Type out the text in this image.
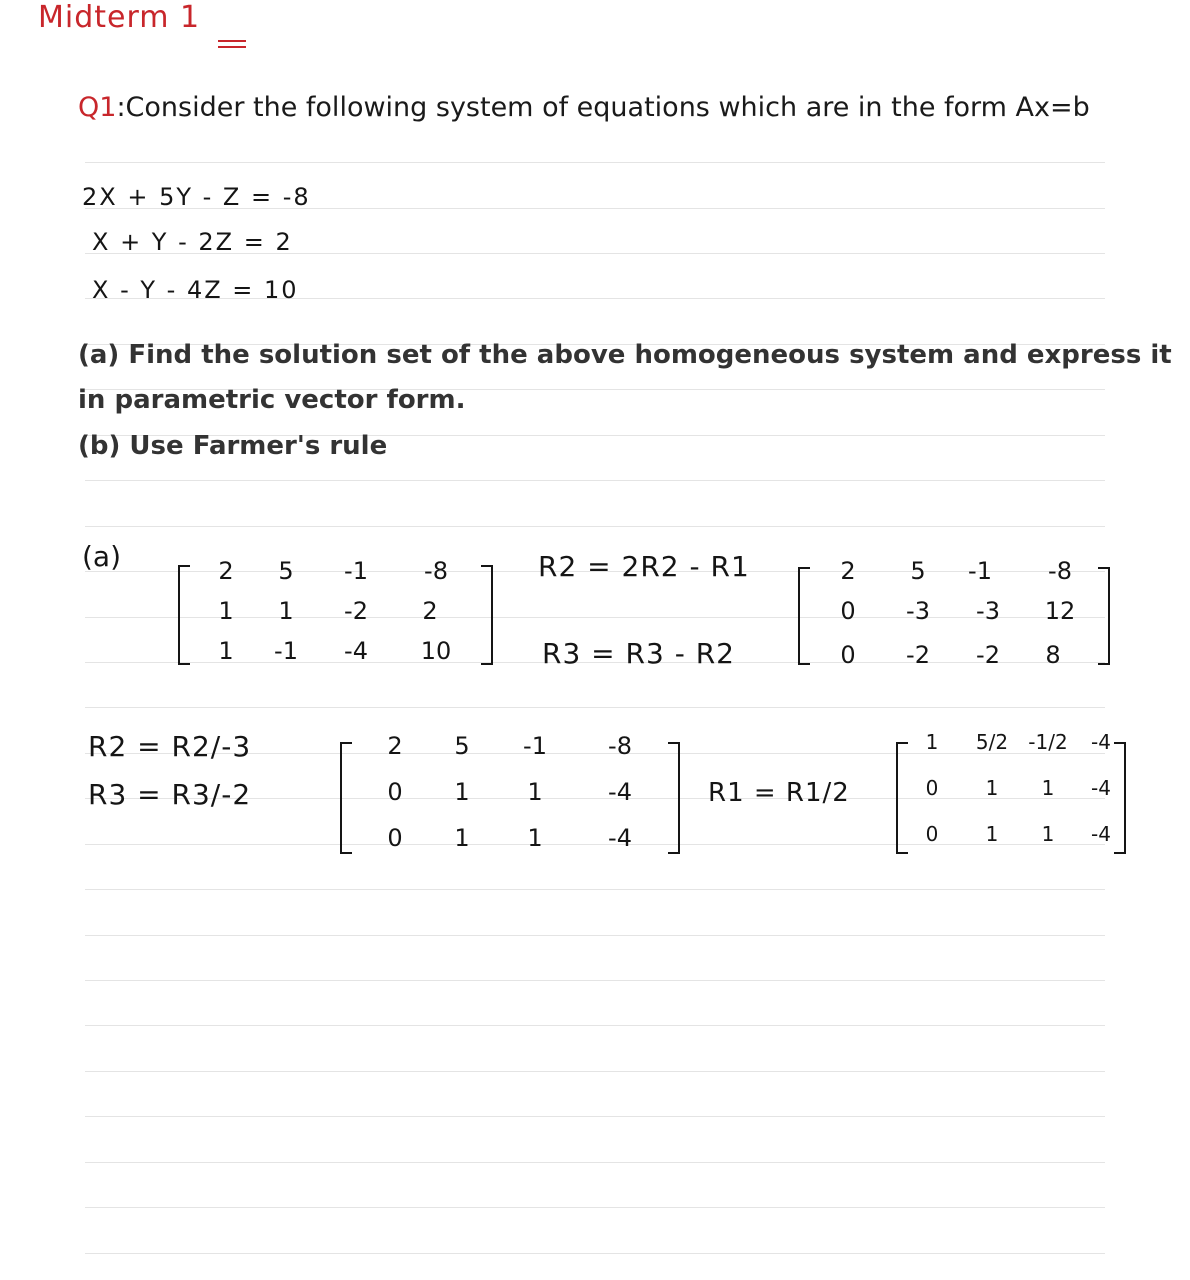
Midterm 1
Q1:Consider the following system of equations which are in the form Ax=b
2X + 5Y - Z = -8
X + Y - 2Z = 2
X - Y - 4Z = 10
(a) Find the solution set of the above homogeneous system and express it
in parametric vector form.
(b) Use Farmer's rule
(a)	2	5	-1	-8
1	1	-2	2
1	-1	-4	10
R2 = 2R2 - R1
R3 = R3 - R2
2	5	-1	-8
0	-3	-3	12
0	-2	-2	8
R2 = R2/-3
R3 = R3/-2
2	5	-1	-8
0	1	1	-4
0	1	1	-4
R1 = R1/2
1	5/2	-1/2	-4
0	1	1	-4
0	1	1	-4
